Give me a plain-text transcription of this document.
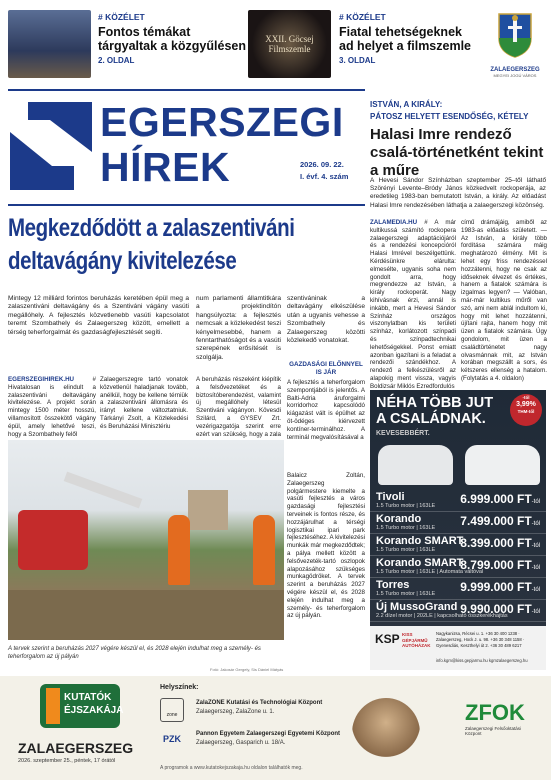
# KÖZÉLET
Fontos témákat tárgyaltak a közgyűlésen
2. OLDAL
XXII. Göcsej Filmszemle
# KÖZÉLET
Fiatal tehetségeknek ad helyet a filmszemle
3. OLDAL
ZALAEGERSZEG
MEGYEI JOGÚ VÁROS
EGERSZEGI
HÍREK	2026. 09. 22.
I. évf. 4. szám
Megkezdődött a zalaszentiváni
deltavágány kivitelezése
Mintegy 12 milliárd forintos beruházás keretében épül meg a zalaszentiváni deltavágány és a Szentiváni vágány vasúti megállóhely. A fejlesztés közvetlenebb vasúti kapcsolatot teremt Szombathely és Zalaegerszeg között, emellett a térség teherforgalmát és gazdaságfejlesztését segíti.
num parlamenti államtitkára a projektindítón hangsúlyozta: a fejlesztés nemcsak a közlekedést teszi kényelmesebbé, hanem a fenntarthatóságot és a vasúti szerepének erősítését is szolgálja.
szentiváninak a deltavágány elkészülése után a ugyanis vehesse a Szombathely és Zalaegerszeg közötti közlekedő vonatokat.
EGERSZEGIHIREK.HU	# Hivatalosan is elindult a zalaszentiváni deltavágány kivitelezése. A projekt során mintegy 1500 méter hosszú, villamosított összekötő vágány épül, amely lehetővé teszi, hogy a Szombathely felől
Zalaegerszegre tartó vonatok közvetlenül haladjanak tovább, anélkül, hogy be kellene térniük a zalaszentiváni állomásra és irányt kellene változtatniuk. Tárkányi Zsolt, a Közlekedési és Beruházási Minisztériu
A beruházás részeként kiépítik a felsővezetéket és a biztosítóberendezést, valamint új megállóhely létesül Szentiváni vágányon. Kövesdi Szilárd, a GYSEV Zrt. vezérigazgatója szerint erre ezért van szükség, hogy a zala
GAZDASÁGI ELŐNNYEL IS JÁR
A fejlesztés a teherforgalom szempontjából is jelentős. A Balti-Adria áruforgalmi korridorhoz kapcsolódó kiágazást vált is épülhet az öt-ödéges kiérvezett kontíner-terminálhoz. A terminál megvalósításával a
A tervek szerint a beruházás 2027 végére készül el, és 2028 elején indulhat meg a személy- és teherforgalom az új pályán
Fotó: Jakosár Gergely, Sis Dániel Mátyás
Balaicz Zoltán, Zalaegerszeg polgármestere kiemelte a vasúti fejlesztés a város gazdasági fejlesztési terveinek is fontos része, és hozzájárulhat a térségi logisztikai ipari park fejlesztéséhez. A kivitelezési munkák már megkezdődtek; a pálya mellett között a felsővezeték-tartó oszlopok alapozásához szükséges munkagödröket. A tervek szerint a beruházás 2027 végére készül el, és 2028 elején indulhat meg a személy- és teherforgalom az új pályán.
ISTVÁN, A KIRÁLY:
PÁTOSZ HELYETT ESENDŐSÉG, KÉTELY
Halasi Imre rendező csalá-történetként tekint a műre
A Hevesi Sándor Színházban szeptember 25–től láthatő Szörényi Levente–Bródy János közkedvelt rockoperája, az eredetileg 1983-ban bemutatott István, a király. Az előadást Halasi Imre rendezésében láthatja a zalaegerszegi közönség.
ZALAMEDIA.HU # A már kultikussá számító rockopera zalaegerszegi adaptációjáról és a rendezési koncepcióról Halasi Imrével beszélgettünk. Kérdésünkre elárulta: elmesélte, ugyanis soha nem gondolt arra, hogy megrendezze az István, a király rockoperát. Nagy kihívásnak érzi, annál is inkább, mert a Hevesi Sándor Színház országos viszonylatban kis területi színház, korlátozott színpadi és színpadtechnikai lehetőségekkel. Ponst emiatt azonban igazítani is a feladat a rendezői szándékhoz. A rendező a felkészülésről az alapokig ment vissza, vagyis Boldizsár Miklós Ezredfordulós
című drámájáig, amiből az 1983-as előadás született. — Az István, a király több fordítása számára máig meghatározó élmény. Mit is lehet egy friss rendezéssel hozzátenni, hogy ne csak az időseknek élvezet és értékes, hanem a fiatalok számára is izgalmas legyen? — Valóban, már-már kultikus műről van szó, ami nem ablál indultom ki, hogy mit lehet hozzátenni, újítani rajta, hanem hogy mit üzen a fiatalok számára. Úgy gondolom, mit üzen a családtörténetet nagy olvasmánnak mit, az István korában megszállt a sors, és kétszeres ellenség a hatalom. (Folytatás a 4. oldalon)
NÉHA TÖBB JUT
A CSALÁDNAK.
KEVESEBBÉRT.
-tól
3,99%
THM-től
Tivoli
1.5 Turbo motor | 163LE 6.999.000 FT-tól
Korando
1.5 Turbo motor | 163LE 7.499.000 FT-tól
Korando SMART
1.5 Turbo motor | 163LE 8.399.000 FT-tól
Korando SMART
1.5 Turbo motor | 163LE | Automata váltóval
8.799.000 FT-tól
Torres
1.5 Turbo motor | 163LE 9.999.000 FT-tól
Új MussoGrand
2.2 dízel motor | 202LE | kapcsolható összkerékhajtás
9.990.000 FT-tól
KSP KISS GÉPJÁRMŰ AUTÓHÁZAK
Nagykanizsa, Récsei u. 1. +36 30 400 1238 · Zalaegerszeg, Hock J. u. 98. +36 30 348 1158 · Gyenesdiás, Keszthelyi út 2. +36 30 489 6217
info.kgm@kiss.gepjarmu.hu kgmzalaegerszeg.hu
KUTATÓK
ÉJSZAKÁJA
ZALAEGERSZEG
2026. szeptember 25., péntek, 17 órától
Helyszínek:
zone
ZalaZONE Kutatási és Technológiai Központ
Zalaegerszeg, ZalaZone u. 1.
PZK	Pannon Egyetem Zalaegerszegi Egyetemi Központ
Zalaegerszeg, Gasparich u. 18/A.
A programok a www.kutatokejszakaja.hu oldalon találhatók meg.
ZFOK
Zalaegerszegi Felsőoktatási Központ
